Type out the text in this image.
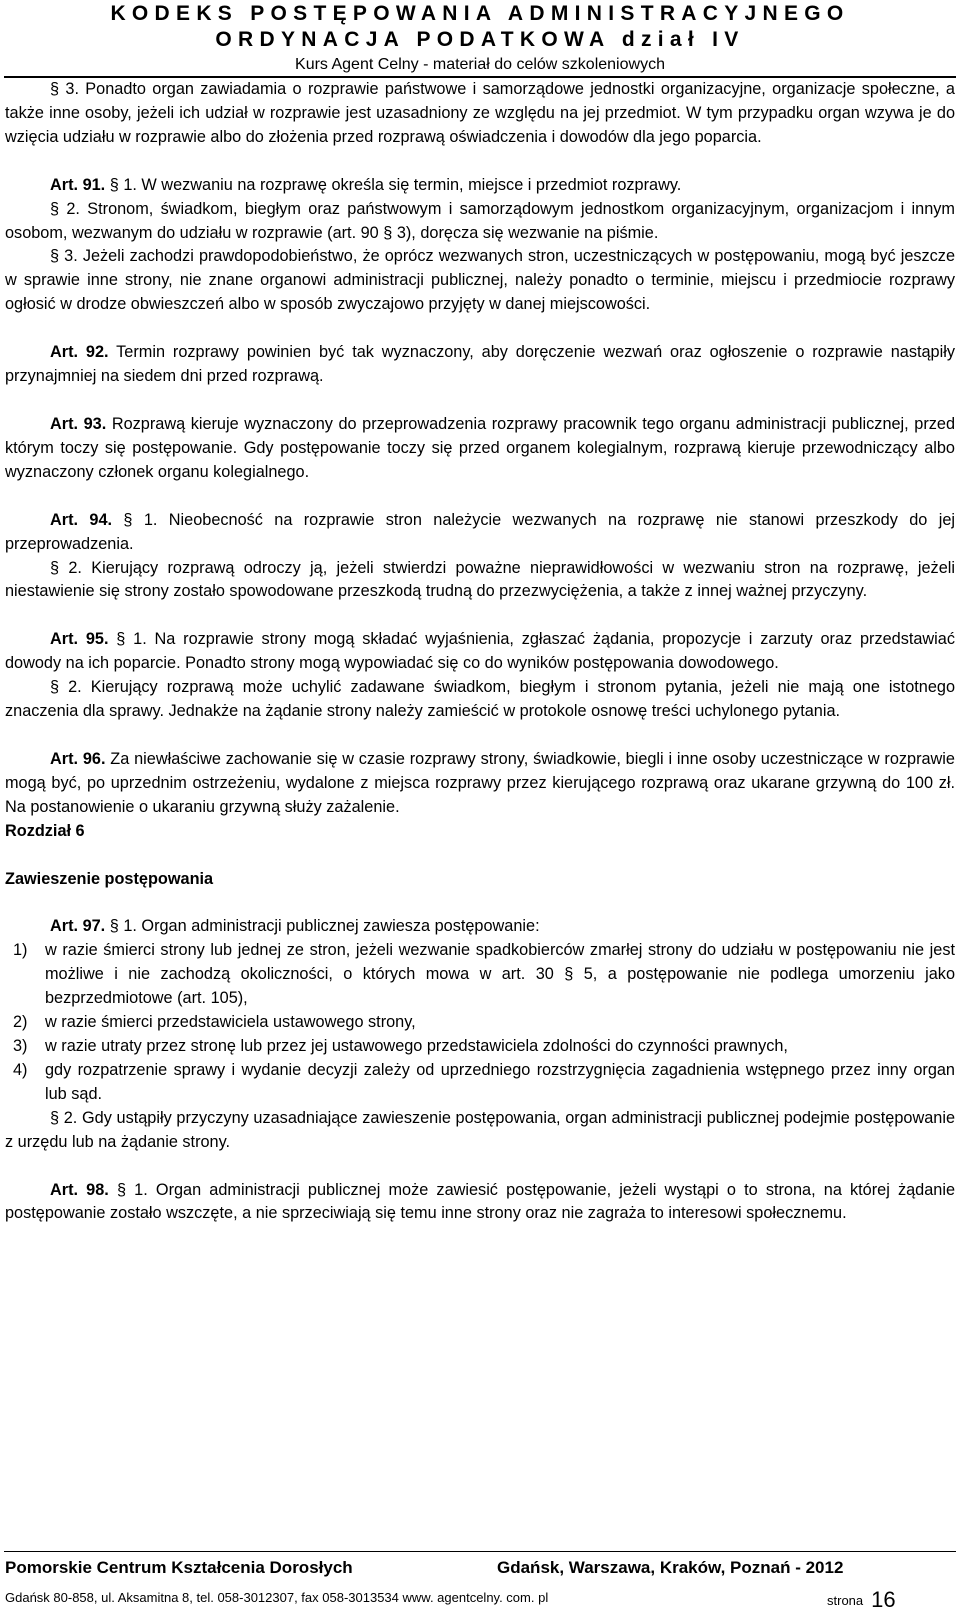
KODEKS POSTĘPOWANIA ADMINISTRACYJNEGO
ORDYNACJA PODATKOWA dział IV
Kurs Agent Celny - materiał do celów szkoleniowych

§ 3. Ponadto organ zawiadamia o rozprawie państwowe i samorządowe jednostki organizacyjne, organizacje społeczne, a także inne osoby, jeżeli ich udział w rozprawie jest uzasadniony ze względu na jej przedmiot. W tym przypadku organ wzywa je do wzięcia udziału w rozprawie albo do złożenia przed rozprawą oświadczenia i dowodów dla jego poparcia.

Art. 91. § 1. W wezwaniu na rozprawę określa się termin, miejsce i przedmiot rozprawy.

§ 2. Stronom, świadkom, biegłym oraz państwowym i samorządowym jednostkom organizacyjnym, organizacjom i innym osobom, wezwanym do udziału w rozprawie (art. 90 § 3), doręcza się wezwanie na piśmie.

§ 3. Jeżeli zachodzi prawdopodobieństwo, że oprócz wezwanych stron, uczestniczących w postępowaniu, mogą być jeszcze w sprawie inne strony, nie znane organowi administracji publicznej, należy ponadto o terminie, miejscu i przedmiocie rozprawy ogłosić w drodze obwieszczeń albo w sposób zwyczajowo przyjęty w danej miejscowości.

Art. 92. Termin rozprawy powinien być tak wyznaczony, aby doręczenie wezwań oraz ogłoszenie o rozprawie nastąpiły przynajmniej na siedem dni przed rozprawą.

Art. 93. Rozprawą kieruje wyznaczony do przeprowadzenia rozprawy pracownik tego organu administracji publicznej, przed którym toczy się postępowanie. Gdy postępowanie toczy się przed organem kolegialnym, rozprawą kieruje przewodniczący albo wyznaczony członek organu kolegialnego.

Art. 94. § 1. Nieobecność na rozprawie stron należycie wezwanych na rozprawę nie stanowi przeszkody do jej przeprowadzenia.

§ 2. Kierujący rozprawą odroczy ją, jeżeli stwierdzi poważne nieprawidłowości w wezwaniu stron na rozprawę, jeżeli niestawienie się strony zostało spowodowane przeszkodą trudną do przezwyciężenia, a także z innej ważnej przyczyny.

Art. 95. § 1. Na rozprawie strony mogą składać wyjaśnienia, zgłaszać żądania, propozycje i zarzuty oraz przedstawiać dowody na ich poparcie. Ponadto strony mogą wypowiadać się co do wyników postępowania dowodowego.

§ 2. Kierujący rozprawą może uchylić zadawane świadkom, biegłym i stronom pytania, jeżeli nie mają one istotnego znaczenia dla sprawy. Jednakże na żądanie strony należy zamieścić w protokole osnowę treści uchylonego pytania.

Art. 96. Za niewłaściwe zachowanie się w czasie rozprawy strony, świadkowie, biegli i inne osoby uczestniczące w rozprawie mogą być, po uprzednim ostrzeżeniu, wydalone z miejsca rozprawy przez kierującego rozprawą oraz ukarane grzywną do 100 zł. Na postanowienie o ukaraniu grzywną służy zażalenie.

Rozdział 6

Zawieszenie postępowania

Art. 97. § 1. Organ administracji publicznej zawiesza postępowanie:

1) w razie śmierci strony lub jednej ze stron, jeżeli wezwanie spadkobierców zmarłej strony do udziału w postępowaniu nie jest możliwe i nie zachodzą okoliczności, o których mowa w art. 30 § 5, a postępowanie nie podlega umorzeniu jako bezprzedmiotowe (art. 105),
2) w razie śmierci przedstawiciela ustawowego strony,
3) w razie utraty przez stronę lub przez jej ustawowego przedstawiciela zdolności do czynności prawnych,
4) gdy rozpatrzenie sprawy i wydanie decyzji zależy od uprzedniego rozstrzygnięcia zagadnienia wstępnego przez inny organ lub sąd.

§ 2. Gdy ustąpiły przyczyny uzasadniające zawieszenie postępowania, organ administracji publicznej podejmie postępowanie z urzędu lub na żądanie strony.

Art. 98. § 1. Organ administracji publicznej może zawiesić postępowanie, jeżeli wystąpi o to strona, na której żądanie postępowanie zostało wszczęte, a nie sprzeciwiają się temu inne strony oraz nie zagraża to interesowi społecznemu.

Pomorskie Centrum Kształcenia Dorosłych	Gdańsk, Warszawa, Kraków, Poznań - 2012
Gdańsk 80-858, ul. Aksamitna 8, tel. 058-3012307, fax 058-3013534 www. agentcelny. com. pl	strona 16
